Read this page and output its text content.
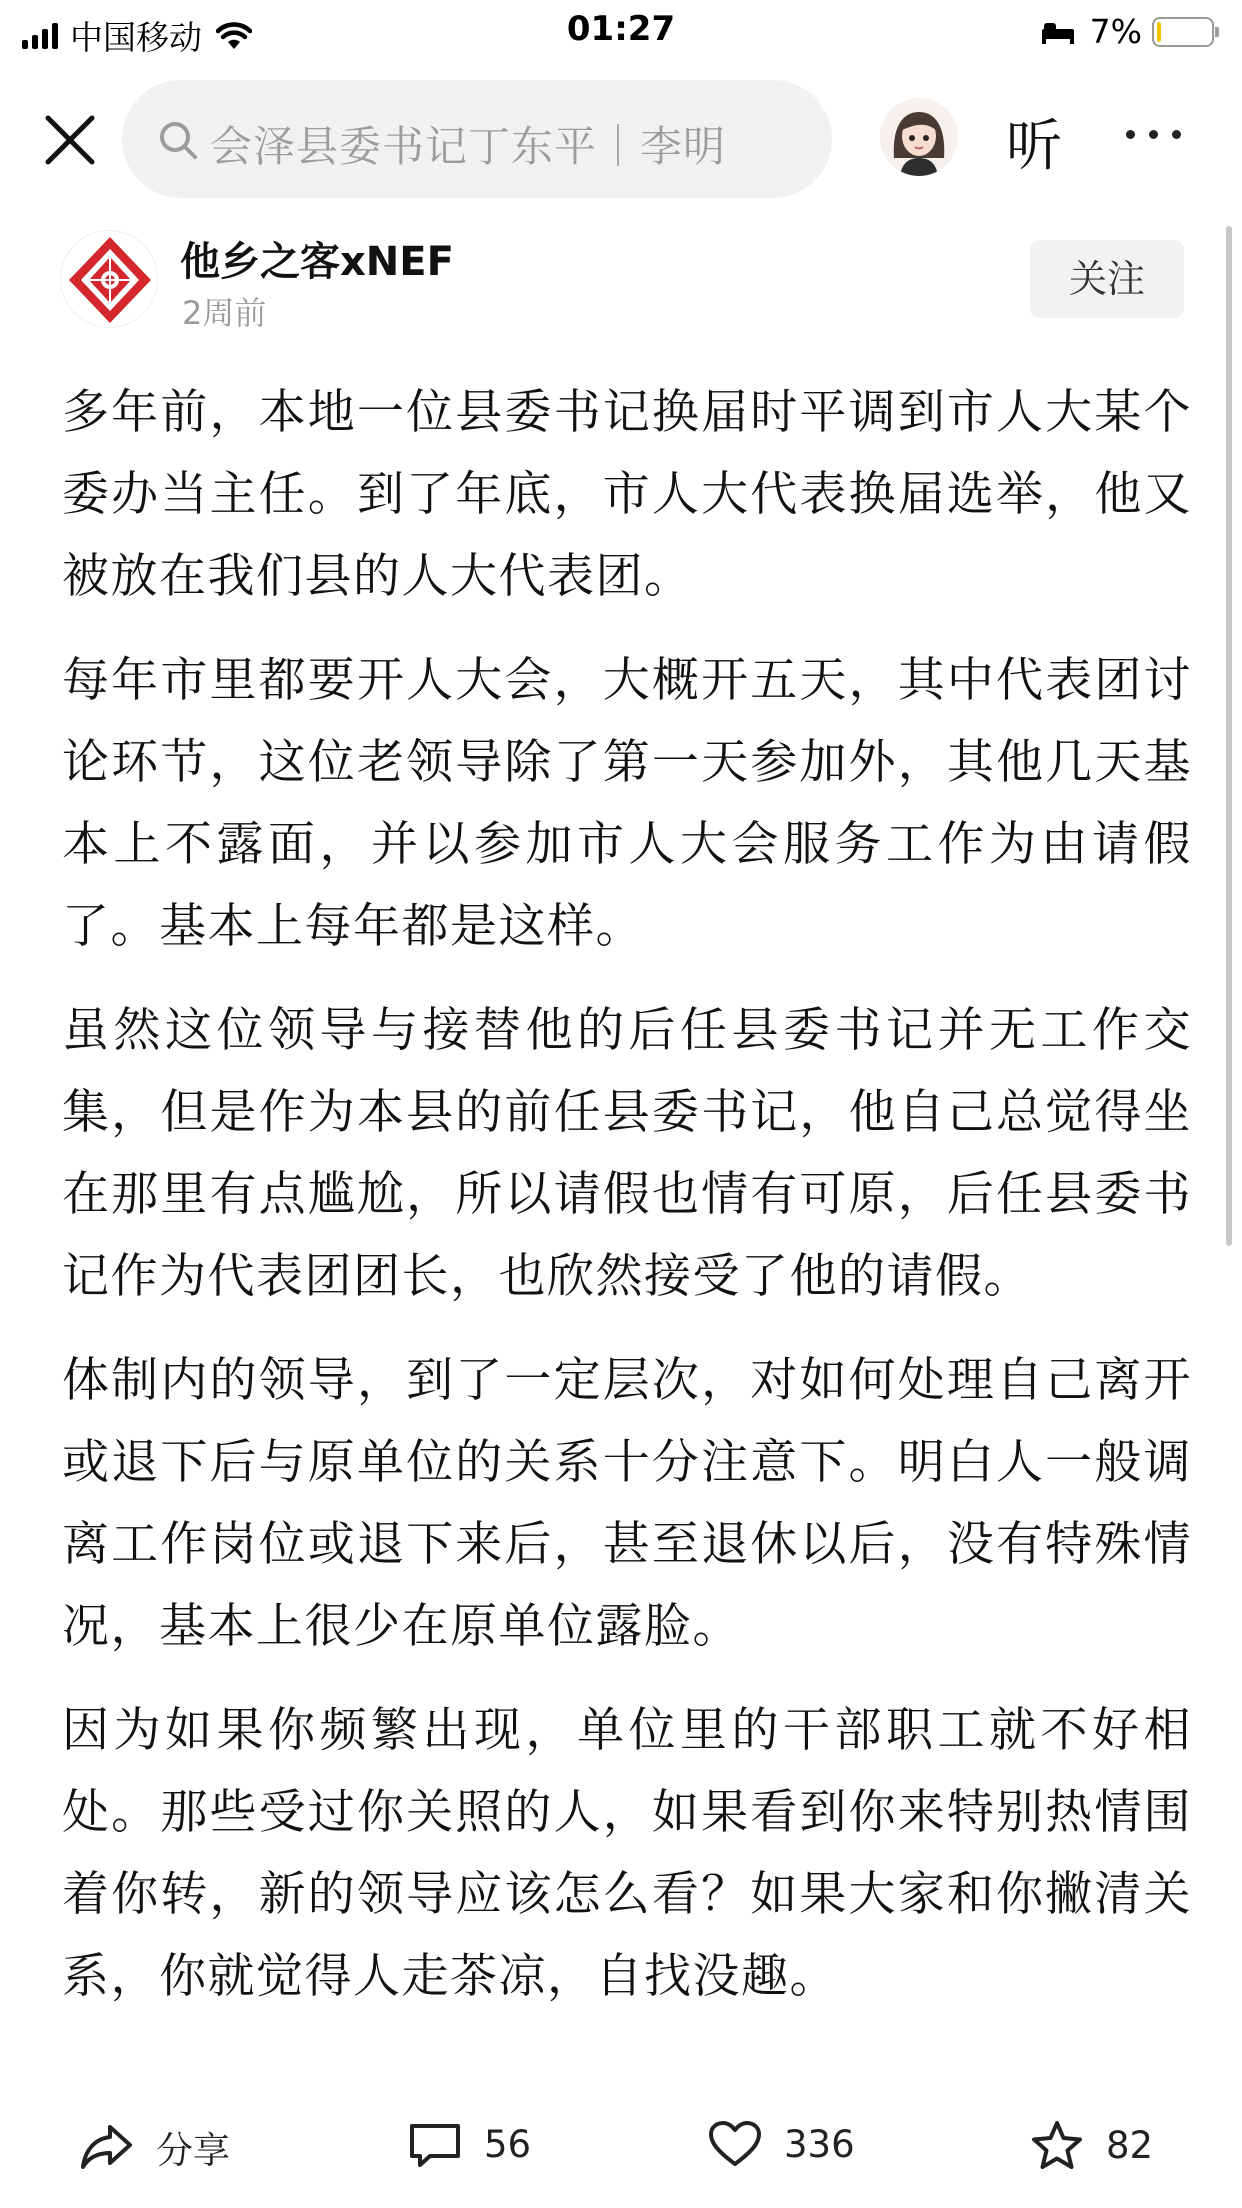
中国移动	01:27	7%
会泽县委书记丁东平｜李明	听
他乡之客xNEF
2周前
关注

多年前，本地一位县委书记换届时平调到市人大某个委办当主任。到了年底，市人大代表换届选举，他又被放在我们县的人大代表团。

每年市里都要开人大会，大概开五天，其中代表团讨论环节，这位老领导除了第一天参加外，其他几天基本上不露面，并以参加市人大会服务工作为由请假了。基本上每年都是这样。

虽然这位领导与接替他的后任县委书记并无工作交集，但是作为本县的前任县委书记，他自己总觉得坐在那里有点尴尬，所以请假也情有可原，后任县委书记作为代表团团长，也欣然接受了他的请假。

体制内的领导，到了一定层次，对如何处理自己离开或退下后与原单位的关系十分注意下。明白人一般调离工作岗位或退下来后，甚至退休以后，没有特殊情况，基本上很少在原单位露脸。

因为如果你频繁出现，单位里的干部职工就不好相处。那些受过你关照的人，如果看到你来特别热情围着你转，新的领导应该怎么看？如果大家和你撇清关系，你就觉得人走茶凉，自找没趣。

分享	56	336	82
